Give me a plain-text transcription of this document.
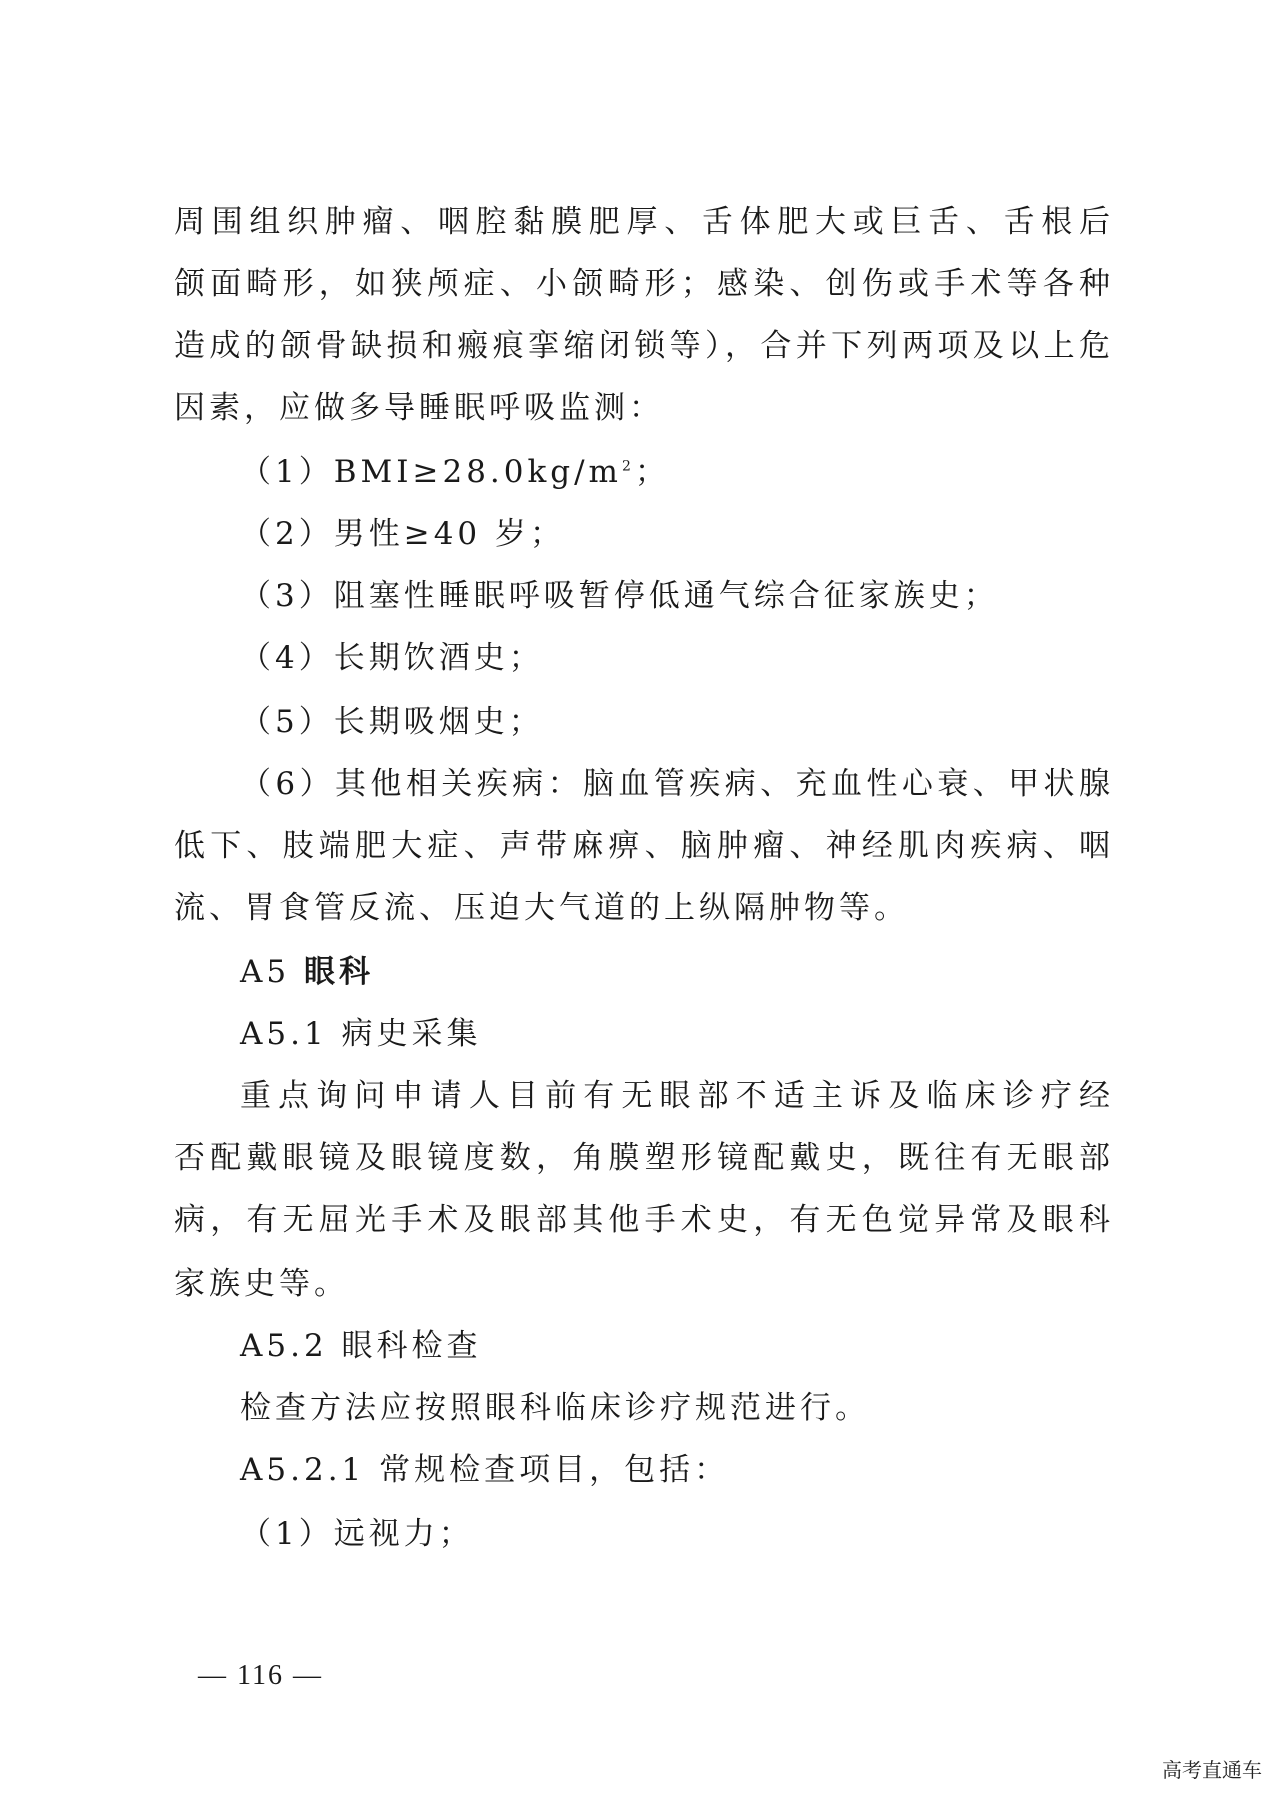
周围组织肿瘤、咽腔黏膜肥厚、舌体肥大或巨舌、舌根后
颌面畸形，如狭颅症、小颌畸形；感染、创伤或手术等各种
造成的颌骨缺损和瘢痕挛缩闭锁等），合并下列两项及以上危
因素，应做多导睡眠呼吸监测：
$(1)BMI\ge 28.0kg/m^2$；
（2）男性≥40 岁；
（3）阻塞性睡眠呼吸暂停低通气综合征家族史；
（4）长期饮酒史；
（5）长期吸烟史；
（6）其他相关疾病：脑血管疾病、充血性心衰、甲状腺
低下、肢端肥大症、声带麻痹、脑肿瘤、神经肌肉疾病、咽
流、胃食管反流、压迫大气道的上纵隔肿物等。
A5 眼科
A5.1 病史采集
重点询问申请人目前有无眼部不适主诉及临床诊疗经
否配戴眼镜及眼镜度数，角膜塑形镜配戴史，既往有无眼部
病，有无屈光手术及眼部其他手术史，有无色觉异常及眼科
家族史等。
A5.2 眼科检查
检查方法应按照眼科临床诊疗规范进行。
A5.2.1 常规检查项目，包括：
（1）远视力；
— 116 —
高考直通车
